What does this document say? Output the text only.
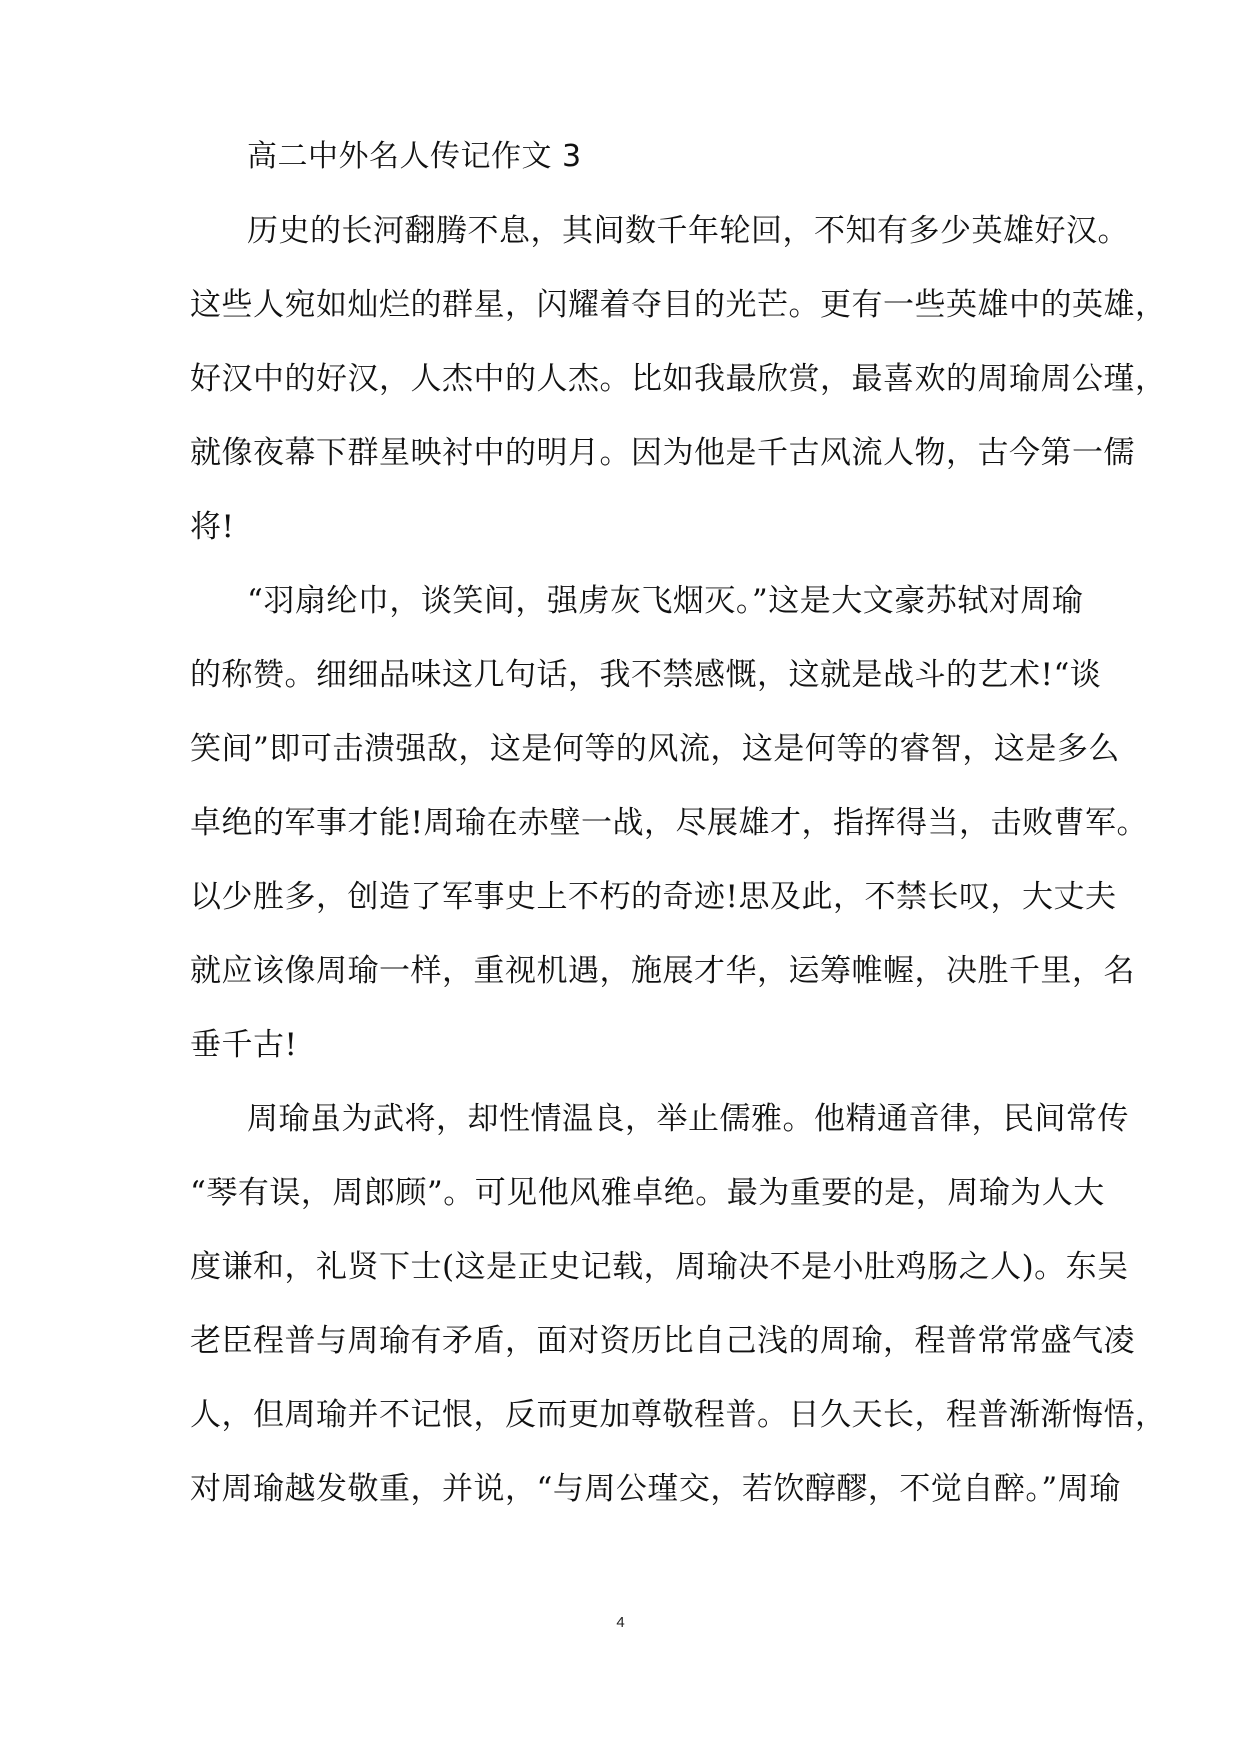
高二中外名人传记作文 3
历史的长河翻腾不息，其间数千年轮回，不知有多少英雄好汉。
这些人宛如灿烂的群星，闪耀着夺目的光芒。更有一些英雄中的英雄，
好汉中的好汉，人杰中的人杰。比如我最欣赏，最喜欢的周瑜周公瑾，
就像夜幕下群星映衬中的明月。因为他是千古风流人物，古今第一儒
将!
“羽扇纶巾，谈笑间，强虏灰飞烟灭。”这是大文豪苏轼对周瑜
的称赞。细细品味这几句话，我不禁感慨，这就是战斗的艺术!“谈
笑间”即可击溃强敌，这是何等的风流，这是何等的睿智，这是多么
卓绝的军事才能!周瑜在赤壁一战，尽展雄才，指挥得当，击败曹军。
以少胜多，创造了军事史上不朽的奇迹!思及此，不禁长叹，大丈夫
就应该像周瑜一样，重视机遇，施展才华，运筹帷幄，决胜千里，名
垂千古!
周瑜虽为武将，却性情温良，举止儒雅。他精通音律，民间常传
“琴有误，周郎顾”。可见他风雅卓绝。最为重要的是，周瑜为人大
度谦和，礼贤下士(这是正史记载，周瑜决不是小肚鸡肠之人)。东吴
老臣程普与周瑜有矛盾，面对资历比自己浅的周瑜，程普常常盛气凌
人，但周瑜并不记恨，反而更加尊敬程普。日久天长，程普渐渐悔悟，
对周瑜越发敬重，并说，“与周公瑾交，若饮醇醪，不觉自醉。”周瑜
4
